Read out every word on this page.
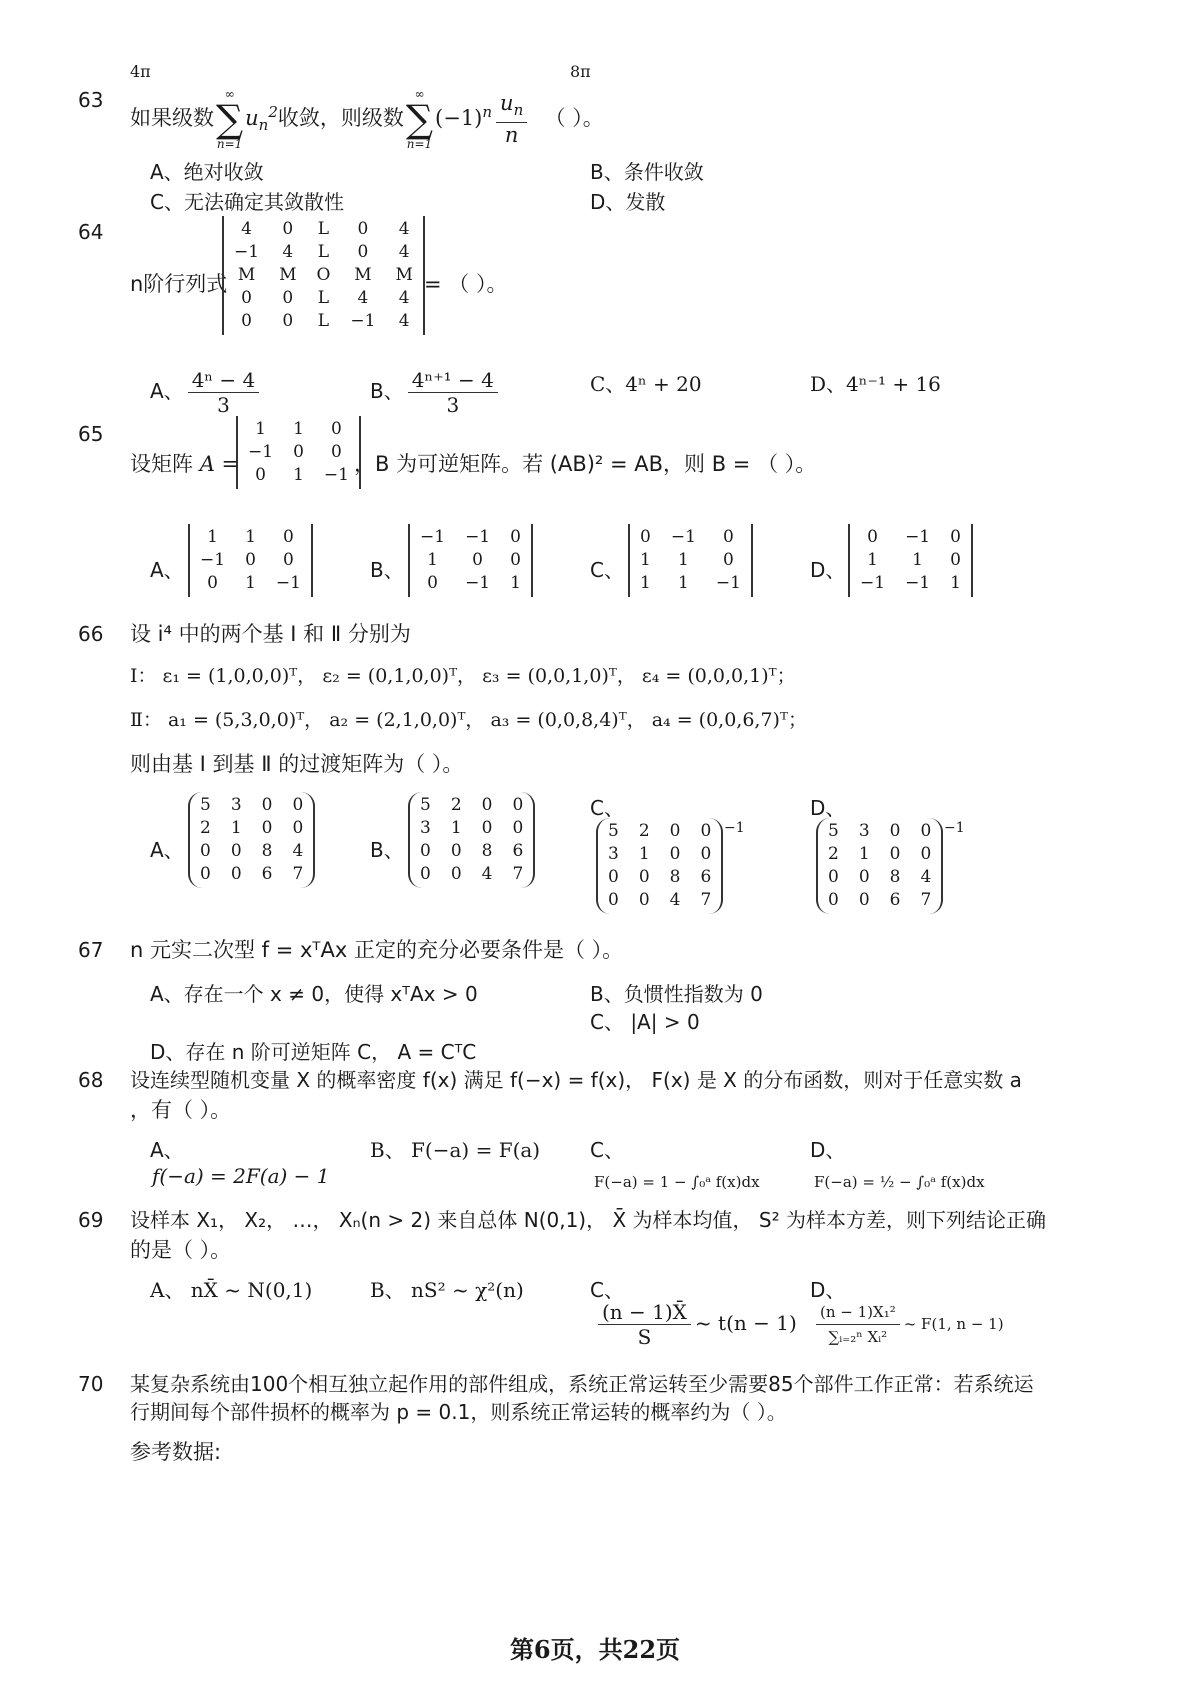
4π	8π
63
如果级数
∞
∑
n=1
$u_n^2$收敛，则级数
∞
∑
n=1
$(-1)^n \frac{u_n}{n}$ （ ）。
A、绝对收敛	B、条件收敛
C、无法确定其敛散性	D、发散
64
n阶行列式
4	0	L	0	4
−1	4	L	0	4
M	M	O	M	M
0	0	L	4	4
0	0	L	−1	4
= （ ）。
A、 $\frac{\text{4ⁿ − 4}}{3}$	B、 $\frac{\text{4ⁿ⁺¹ − 4}}{3}$	C、4ⁿ + 20	D、4ⁿ⁻¹ + 16
65
设矩阵 A =
1	1	0
−1	0	0
0	1	−1 ，B 为可逆矩阵。若 (AB)² = AB，则 B = （ ）。
A、
1	1	0
−1	0	0
0	1	−1
B、
−1	−1	0
1	0	0
0	−1	1
C、
0	−1	0
1	1	0
1	1	−1
D、
0	−1	0
1	1	0
−1	−1	1
66 设 i⁴ 中的两个基 Ⅰ 和 Ⅱ 分别为
Ⅰ： ε₁ = (1,0,0,0)ᵀ， ε₂ = (0,1,0,0)ᵀ， ε₃ = (0,0,1,0)ᵀ， ε₄ = (0,0,0,1)ᵀ；
Ⅱ： a₁ = (5,3,0,0)ᵀ， a₂ = (2,1,0,0)ᵀ， a₃ = (0,0,8,4)ᵀ， a₄ = (0,0,6,7)ᵀ；
则由基 Ⅰ 到基 Ⅱ 的过渡矩阵为（ ）。
A、
5	3	0	0
2	1	0	0
0	0	8	4
0	0	6	7
B、
5	2	0	0
3	1	0	0
0	0	8	6
0	0	4	7
C、
5	2	0	0
3	1	0	0
0	0	8	6
0	0	4	7
−1
D、
5	3	0	0
2	1	0	0
0	0	8	4
0	0	6	7
−1
67 n 元实二次型 f = xᵀAx 正定的充分必要条件是（ ）。
A、存在一个 x ≠ 0，使得 xᵀAx > 0	B、负惯性指数为 0
C、 |A| > 0
D、存在 n 阶可逆矩阵 C， A = CᵀC
68 设连续型随机变量 X 的概率密度 f(x) 满足 f(−x) = f(x)， F(x) 是 X 的分布函数，则对于任意实数 a
，有（ ）。
A、
f(−a) = 2F(a) − 1
B、 F(−a) = F(a) C、
F(−a) = 1 − ∫₀ᵃ f(x)dx
D、
F(−a) = ½ − ∫₀ᵃ f(x)dx
69 设样本 X₁， X₂， …， Xₙ(n > 2) 来自总体 N(0,1)， X̄ 为样本均值， S² 为样本方差，则下列结论正确
的是（ ）。
A、 nX̄ ~ N(0,1)	B、 nS² ~ χ²(n)	C、
$\frac{(n - 1)X̄}{S}$ ~ t(n − 1)
D、
$\frac{\text{(n − 1)X₁²}}{\text{∑ᵢ₌₂ⁿ Xᵢ²}}$ ~ F(1, n − 1)
70 某复杂系统由100个相互独立起作用的部件组成，系统正常运转至少需要85个部件工作正常：若系统运
行期间每个部件损杯的概率为 p = 0.1，则系统正常运转的概率约为（ ）。
参考数据:
第6页，共22页
